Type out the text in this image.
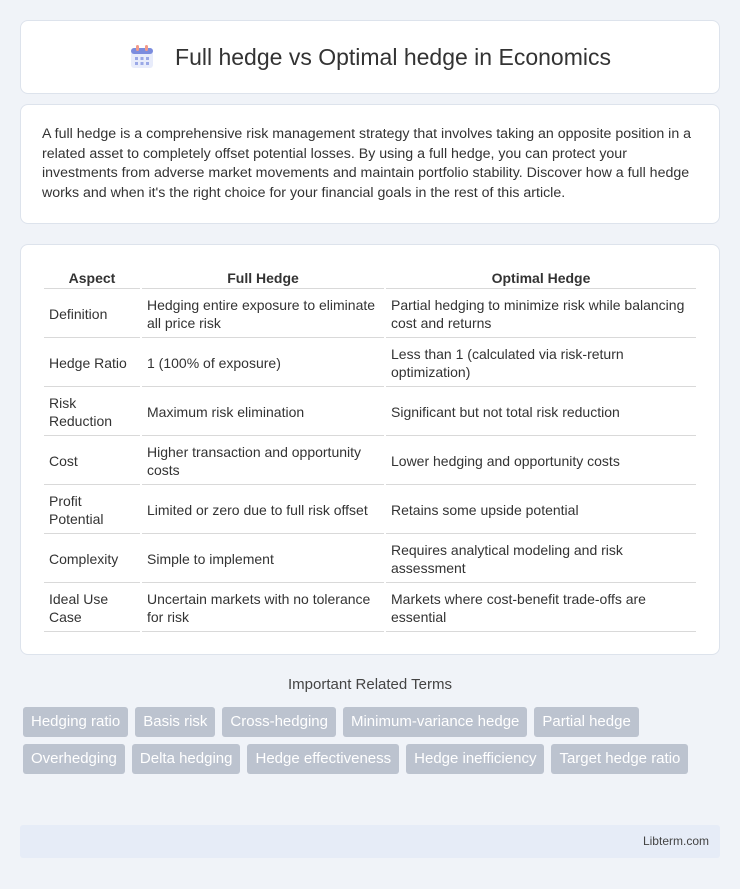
Full hedge vs Optimal hedge in Economics

A full hedge is a comprehensive risk management strategy that involves taking an opposite position in a related asset to completely offset potential losses. By using a full hedge, you can protect your investments from adverse market movements and maintain portfolio stability. Discover how a full hedge works and when it's the right choice for your financial goals in the rest of this article.

Aspect	Full Hedge	Optimal Hedge
Definition	Hedging entire exposure to eliminate all price risk	Partial hedging to minimize risk while balancing cost and returns
Hedge Ratio	1 (100% of exposure)	Less than 1 (calculated via risk-return optimization)
Risk Reduction	Maximum risk elimination	Significant but not total risk reduction
Cost	Higher transaction and opportunity costs	Lower hedging and opportunity costs
Profit Potential	Limited or zero due to full risk offset	Retains some upside potential
Complexity	Simple to implement	Requires analytical modeling and risk assessment
Ideal Use Case	Uncertain markets with no tolerance for risk	Markets where cost-benefit trade-offs are essential
Important Related Terms
Hedging ratio	Basis risk	Cross-hedging	Minimum-variance hedge	Partial hedge
Overhedging	Delta hedging	Hedge effectiveness	Hedge inefficiency	Target hedge ratio
Libterm.com
